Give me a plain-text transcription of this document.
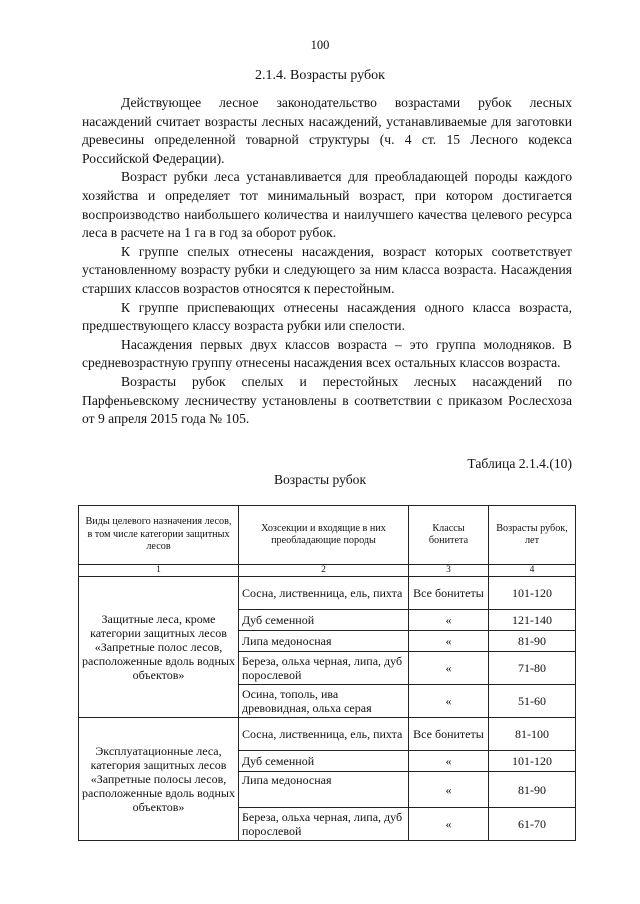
100
2.1.4. Возрасты рубок

Действующее лесное законодательство возрастами рубок лесных насаждений считает возрасты лесных насаждений, устанавливаемые для заготовки древесины определенной товарной структуры (ч. 4 ст. 15 Лесного кодекса Российской Федерации).

Возраст рубки леса устанавливается для преобладающей породы каждого хозяйства и определяет тот минимальный возраст, при котором достигается воспроизводство наибольшего количества и наилучшего качества целевого ресурса леса в расчете на 1 га в год за оборот рубок.

К группе спелых отнесены насаждения, возраст которых соответствует установленному возрасту рубки и следующего за ним класса возраста. Насаждения старших классов возрастов относятся к перестойным.

К группе приспевающих отнесены насаждения одного класса возраста, предшествующего классу возраста рубки или спелости.

Насаждения первых двух классов возраста – это группа молодняков. В средневозрастную группу отнесены насаждения всех остальных классов возраста.

Возрасты рубок спелых и перестойных лесных насаждений по Парфеньевскому лесничеству установлены в соответствии с приказом Рослесхоза от 9 апреля 2015 года № 105.

Таблица 2.1.4.(10)
Возрасты рубок
Виды целевого назначения лесов, в том числе категории защитных лесов	Хозсекции и входящие в них преобладающие породы	Классы бонитета	Возрасты рубок, лет
1	2	3	4
Защитные леса, кроме категории защитных лесов «Запретные полос лесов, расположенные вдоль водных объектов»	Сосна, лиственница, ель, пихта	Все бонитеты	101-120
	Дуб семенной	«	121-140
	Липа медоносная	«	81-90
	Береза, ольха черная, липа, дуб порослевой	«	71-80
	Осина, тополь, ива древовидная, ольха серая	«	51-60
Эксплуатационные леса, категория защитных лесов «Запретные полосы лесов, расположенные вдоль водных объектов»	Сосна, лиственница, ель, пихта	Все бонитеты	81-100
	Дуб семенной	«	101-120
	Липа медоносная	«	81-90
	Береза, ольха черная, липа, дуб порослевой	«	61-70
